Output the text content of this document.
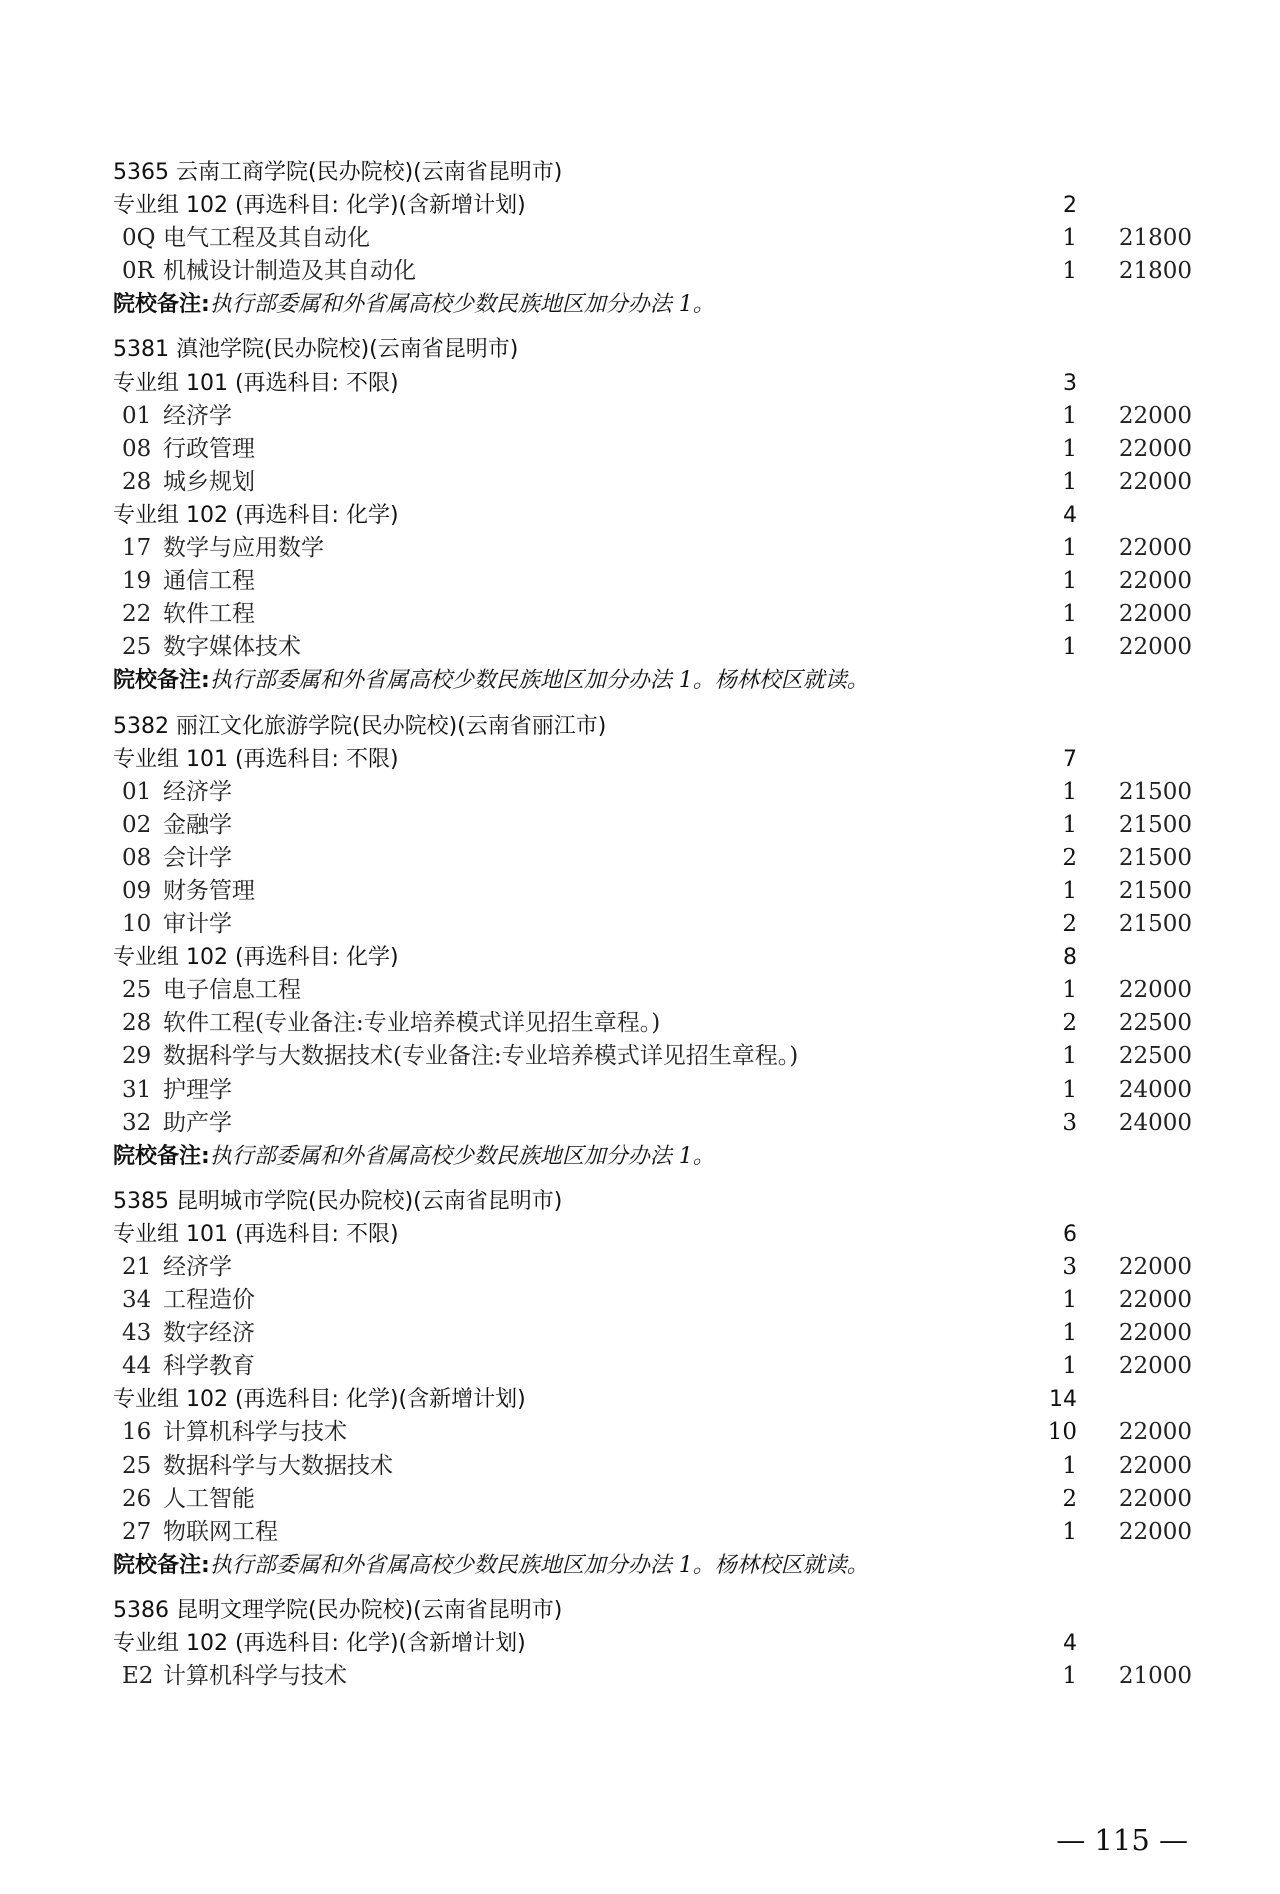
5365 云南工商学院(民办院校)(云南省昆明市)
专业组 102 (再选科目: 化学)(含新增计划)	2
0Q 电气工程及其自动化	1 21800
0R 机械设计制造及其自动化	1 21800
院校备注:执行部委属和外省属高校少数民族地区加分办法 1。
5381 滇池学院(民办院校)(云南省昆明市)
专业组 101 (再选科目: 不限)	3
01 经济学	1 22000
08 行政管理	1 22000
28 城乡规划	1 22000
专业组 102 (再选科目: 化学)	4
17 数学与应用数学	1 22000
19 通信工程	1 22000
22 软件工程	1 22000
25 数字媒体技术	1 22000
院校备注:执行部委属和外省属高校少数民族地区加分办法 1。杨林校区就读。
5382 丽江文化旅游学院(民办院校)(云南省丽江市)
专业组 101 (再选科目: 不限)	7
01 经济学	1 21500
02 金融学	1 21500
08 会计学	2 21500
09 财务管理	1 21500
10 审计学	2 21500
专业组 102 (再选科目: 化学)	8
25 电子信息工程	1 22000
28 软件工程(专业备注:专业培养模式详见招生章程。)	2 22500
29 数据科学与大数据技术(专业备注:专业培养模式详见招生章程。)	1 22500
31 护理学	1 24000
32 助产学	3 24000
院校备注:执行部委属和外省属高校少数民族地区加分办法 1。
5385 昆明城市学院(民办院校)(云南省昆明市)
专业组 101 (再选科目: 不限)	6
21 经济学	3 22000
34 工程造价	1 22000
43 数字经济	1 22000
44 科学教育	1 22000
专业组 102 (再选科目: 化学)(含新增计划)	14
16 计算机科学与技术	10 22000
25 数据科学与大数据技术	1 22000
26 人工智能	2 22000
27 物联网工程	1 22000
院校备注:执行部委属和外省属高校少数民族地区加分办法 1。杨林校区就读。
5386 昆明文理学院(民办院校)(云南省昆明市)
专业组 102 (再选科目: 化学)(含新增计划)	4
E2 计算机科学与技术	1 21000
— 115 —
